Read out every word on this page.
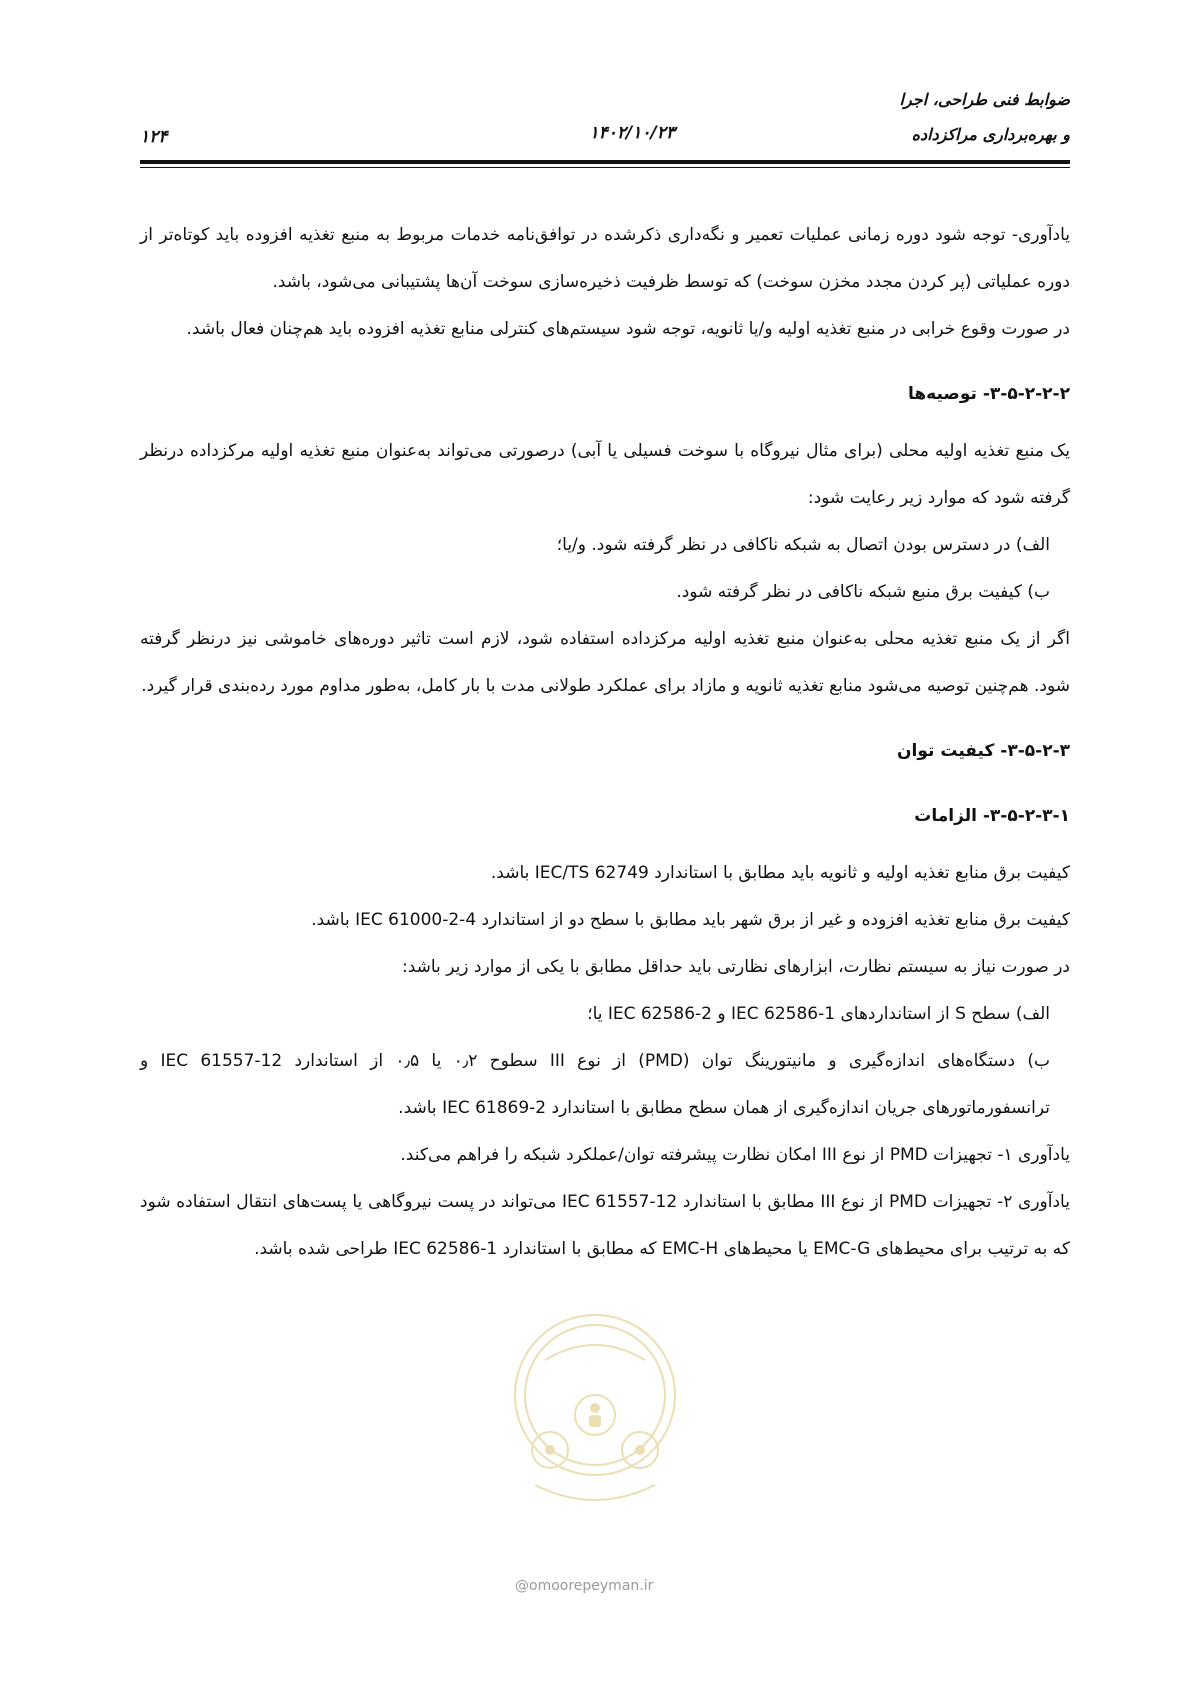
ضوابط فنی طراحی، اجرا
و بهره‌برداری مراکزداده
۱۴۰۲/۱۰/۲۳
۱۲۴

یادآوری- توجه شود دوره زمانی عملیات تعمیر و نگه‌داری ذکرشده در توافق‌نامه خدمات مربوط به منبع تغذیه افزوده باید کوتاه‌تر از دوره عملیاتی (پر کردن مجدد مخزن سوخت) که توسط ظرفیت ذخیره‌سازی سوخت آن‌ها پشتیبانی می‌شود، باشد.

در صورت وقوع خرابی در منبع تغذیه اولیه و/یا ثانویه، توجه شود سیستم‌های کنترلی منابع تغذیه افزوده باید هم‌چنان فعال باشد.

۳-۵-۲-۲-۲- توصیه‌ها

یک منبع تغذیه اولیه محلی (برای مثال نیروگاه با سوخت فسیلی یا آبی) درصورتی می‌تواند به‌عنوان منبع تغذیه اولیه مرکزداده درنظر گرفته شود که موارد زیر رعایت شود:

الف) در دسترس بودن اتصال به شبکه ناکافی در نظر گرفته شود. و/یا؛

ب) کیفیت برق منبع شبکه ناکافی در نظر گرفته شود.

اگر از یک منبع تغذیه محلی به‌عنوان منبع تغذیه اولیه مرکزداده استفاده شود، لازم است تاثیر دوره‌های خاموشی نیز درنظر گرفته شود. هم‌چنین توصیه می‌شود منابع تغذیه ثانویه و مازاد برای عملکرد طولانی مدت با بار کامل، به‌طور مداوم مورد رده‌بندی قرار گیرد.

۳-۵-۲-۳- کیفیت توان

۳-۵-۲-۳-۱- الزامات

کیفیت برق منابع تغذیه اولیه و ثانویه باید مطابق با استاندارد IEC/TS 62749 باشد.

کیفیت برق منابع تغذیه افزوده و غیر از برق شهر باید مطابق با سطح دو از استاندارد IEC 61000-2-4 باشد.

در صورت نیاز به سیستم نظارت، ابزارهای نظارتی باید حداقل مطابق با یکی از موارد زیر باشد:

الف) سطح S از استانداردهای IEC 62586-1 و IEC 62586-2 یا؛

ب) دستگاه‌های اندازه‌گیری و مانیتورینگ توان (PMD) از نوع III سطوح ۰٫۲ یا ۰٫۵ از استاندارد IEC 61557-12 و ترانسفورماتورهای جریان اندازه‌گیری از همان سطح مطابق با استاندارد IEC 61869-2 باشد.

یادآوری ۱- تجهیزات PMD از نوع III امکان نظارت پیشرفته توان/عملکرد شبکه را فراهم می‌کند.

یادآوری ۲- تجهیزات PMD از نوع III مطابق با استاندارد IEC 61557-12 می‌تواند در پست نیروگاهی یا پست‌های انتقال استفاده شود که به ترتیب برای محیط‌های EMC-G یا محیط‌های EMC-H که مطابق با استاندارد IEC 62586-1 طراحی شده باشد.

@omoorepeyman.ir
